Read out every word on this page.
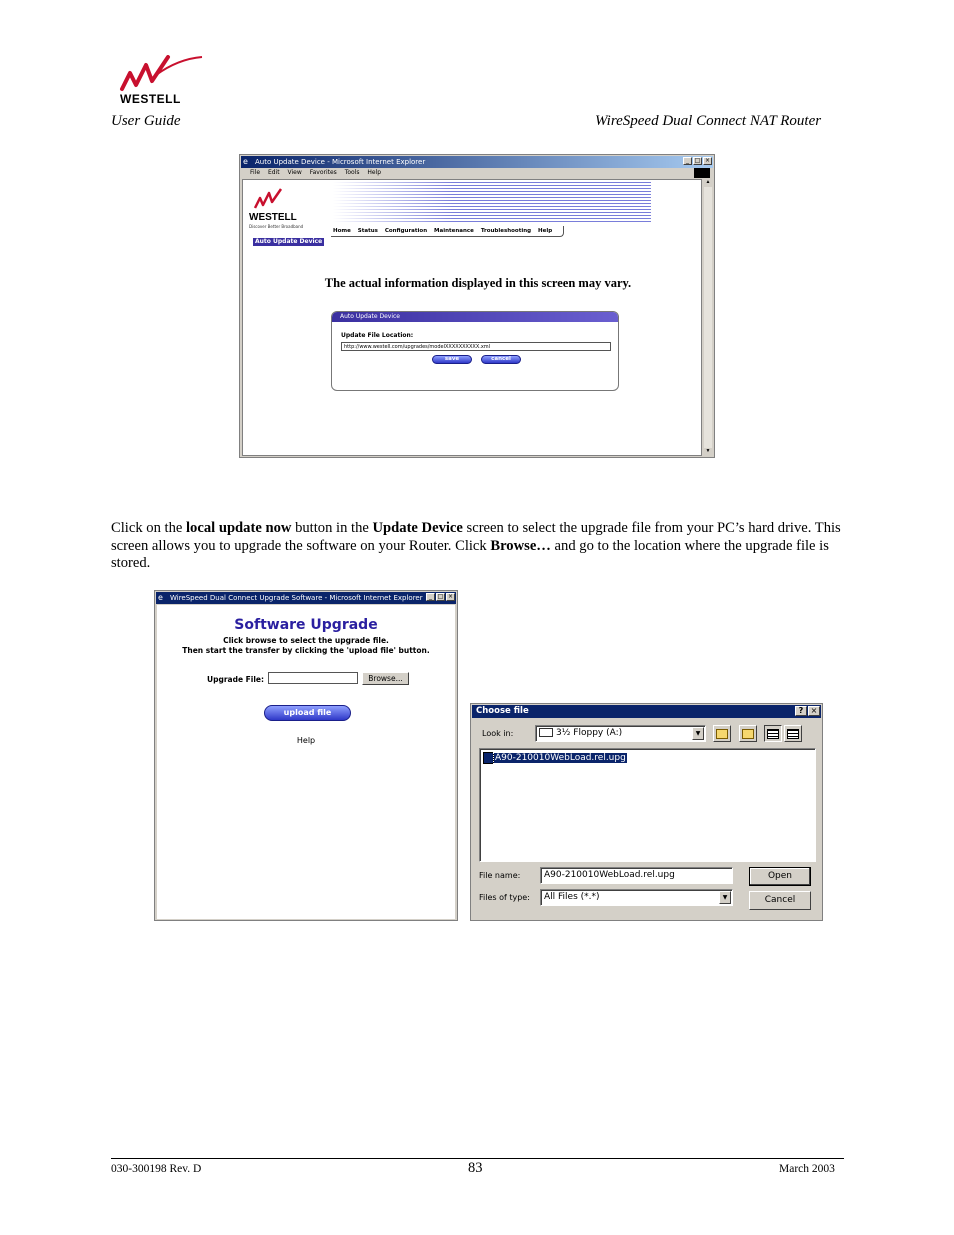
WESTELL
User Guide	WireSpeed Dual Connect NAT Router
e	Auto Update Device - Microsoft Internet Explorer	_ □ ×
File Edit View Favorites Tools Help
WESTELL
Discover Better Broadband
Home Status Configuration Maintenance Troubleshooting Help
Auto Update Device
The actual information displayed in this screen may vary.
Auto Update Device
Update File Location:
http://www.westell.com/upgrades/modelXXXXXXXXXX.xml
save	cancel
▲
▼
Click on the local update now button in the Update Device screen to select the upgrade file from your PC’s hard drive. This screen allows you to upgrade the software on your Router. Click Browse… and go to the location where the upgrade file is stored.
e	WireSpeed Dual Connect Upgrade Software - Microsoft Internet Explorer	_ □ ×
Software Upgrade
Click browse to select the upgrade file.
Then start the transfer by clicking the 'upload file' button.
Upgrade File:	Browse...
upload file
Help
Choose file	? ×
Look in:	3½ Floppy (A:)	▼
A90-210010WebLoad.rel.upg
File name:	A90-210010WebLoad.rel.upg	Open
Files of type:	All Files (*.*)	▼	Cancel
030-300198 Rev. D	83	March 2003
